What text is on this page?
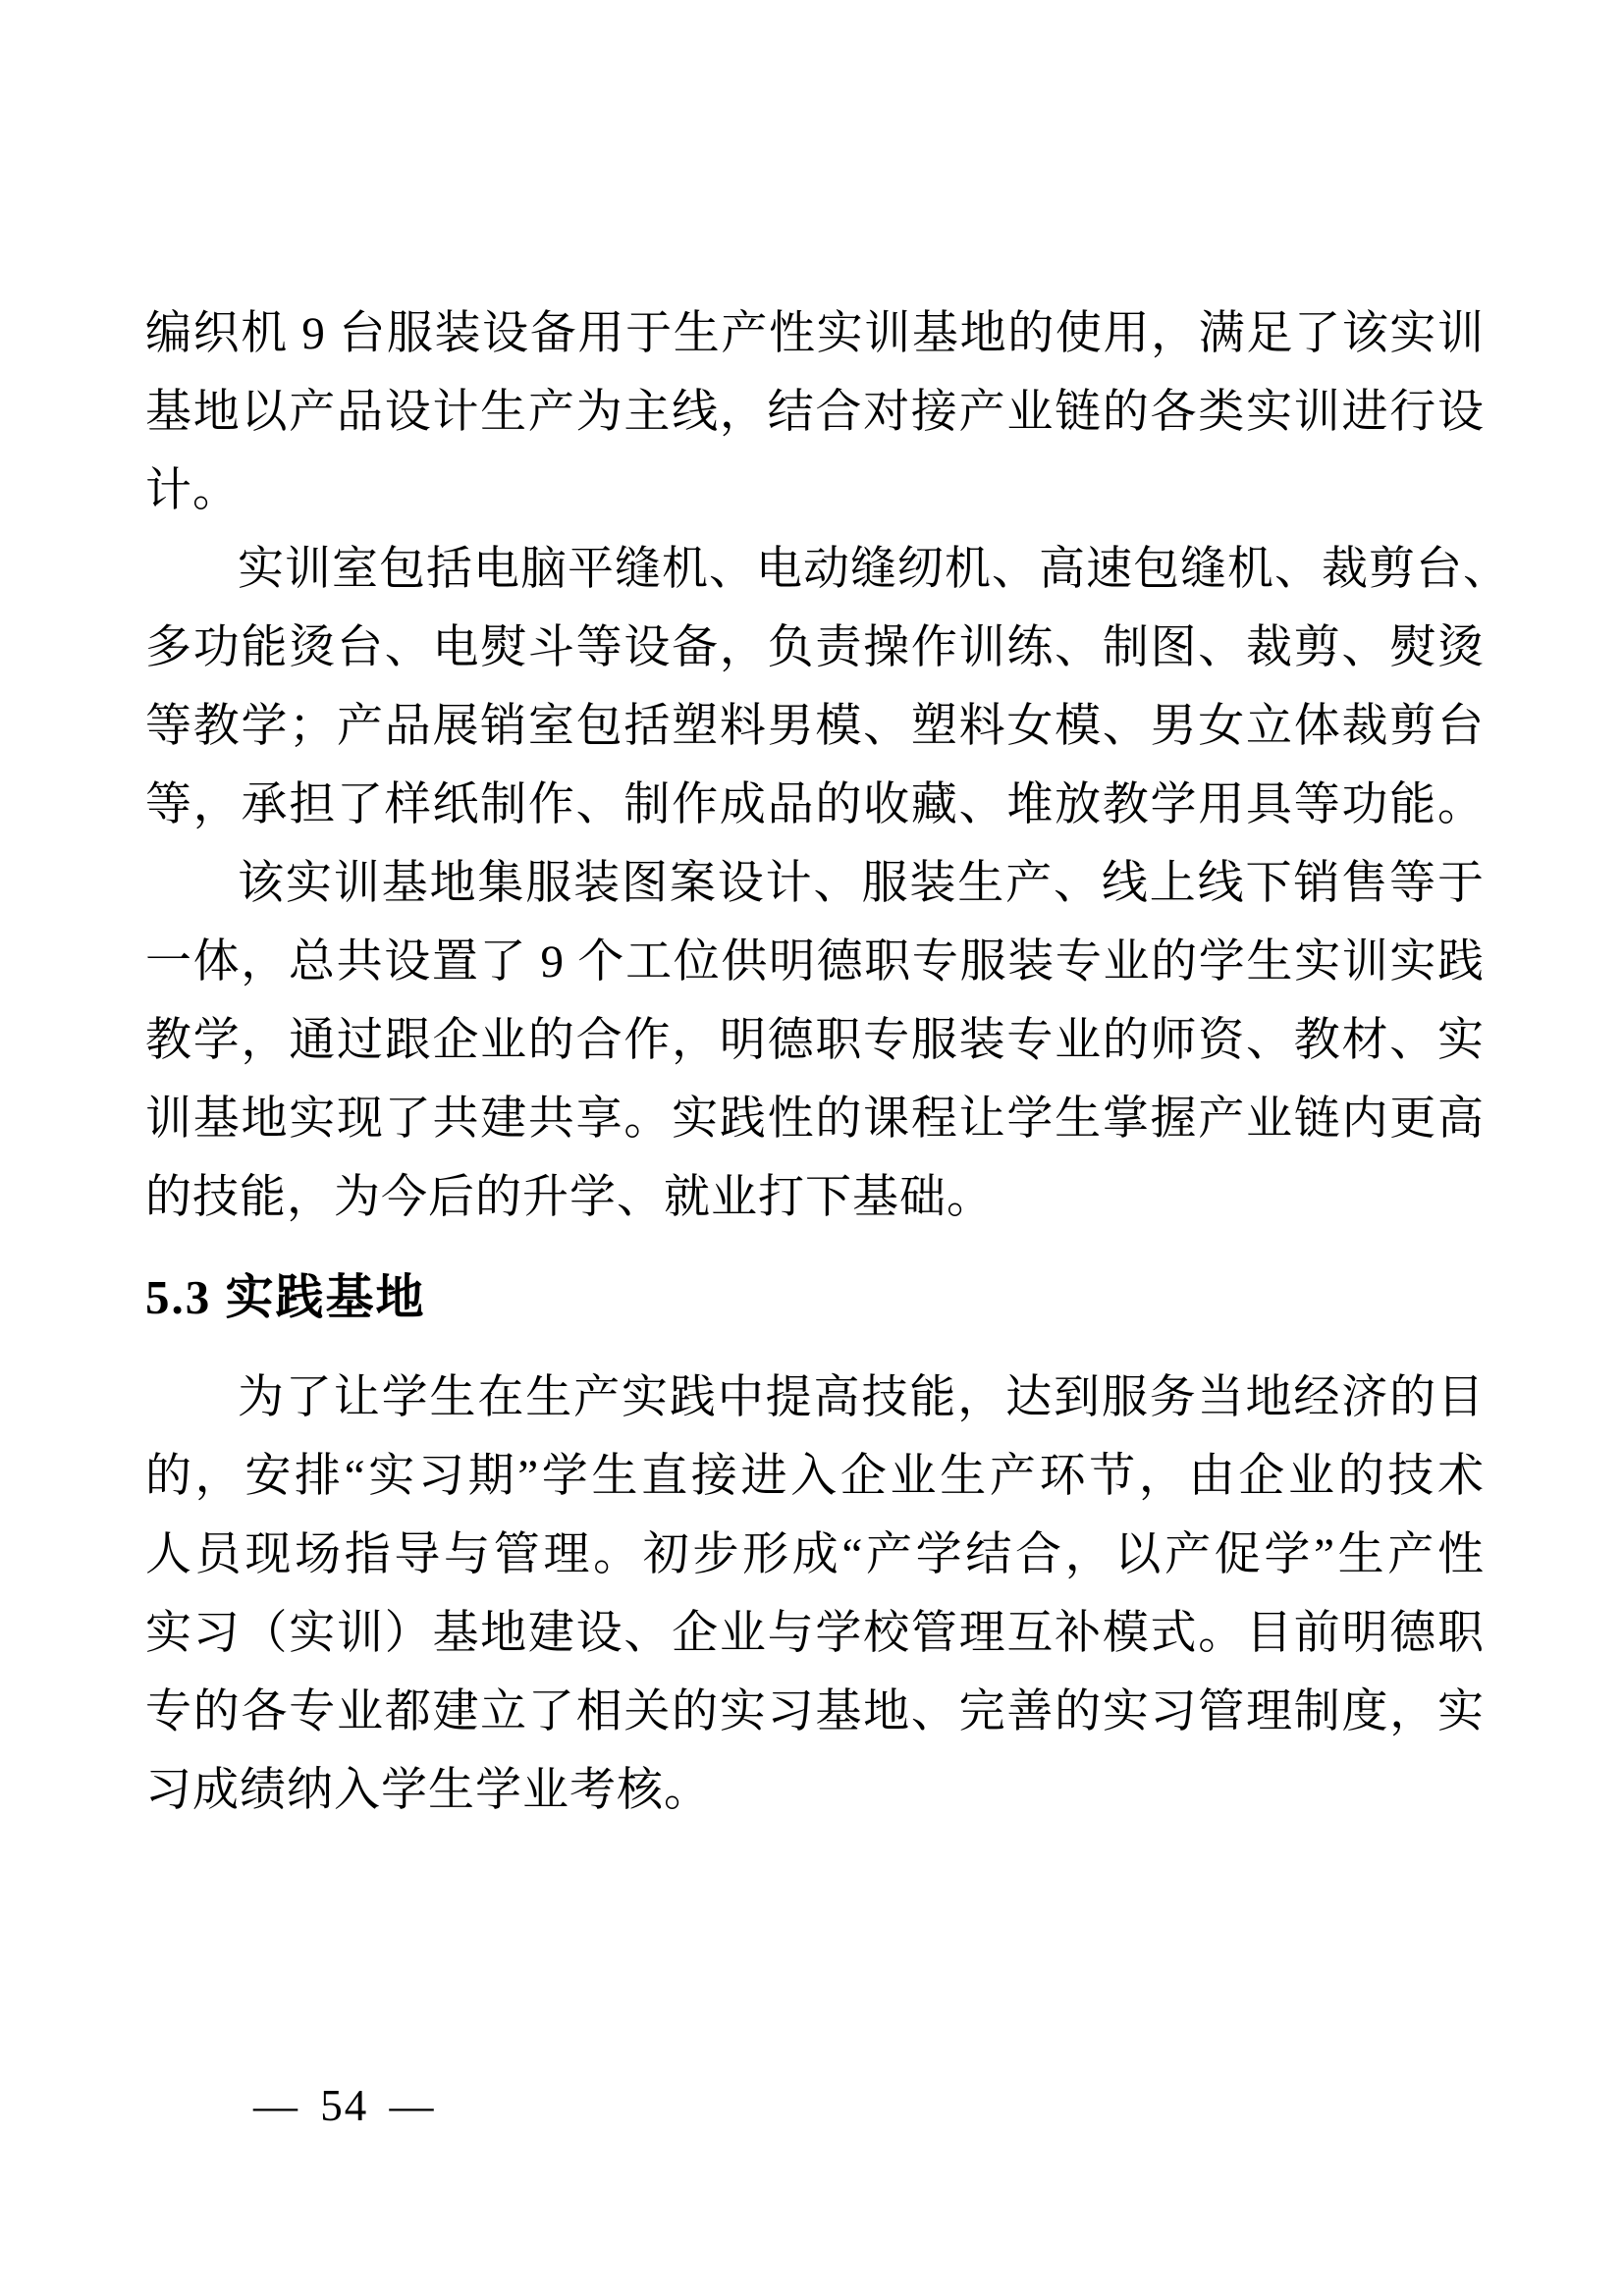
编织机 9 台服装设备用于生产性实训基地的使用，满足了该实训
基地以产品设计生产为主线，结合对接产业链的各类实训进行设
计。
实训室包括电脑平缝机、电动缝纫机、高速包缝机、裁剪台、
多功能烫台、电熨斗等设备，负责操作训练、制图、裁剪、熨烫
等教学；产品展销室包括塑料男模、塑料女模、男女立体裁剪台
等，承担了样纸制作、制作成品的收藏、堆放教学用具等功能。
该实训基地集服装图案设计、服装生产、线上线下销售等于
一体，总共设置了 9 个工位供明德职专服装专业的学生实训实践
教学，通过跟企业的合作，明德职专服装专业的师资、教材、实
训基地实现了共建共享。实践性的课程让学生掌握产业链内更高
的技能，为今后的升学、就业打下基础。
5.3 实践基地
为了让学生在生产实践中提高技能，达到服务当地经济的目
的，安排“实习期”学生直接进入企业生产环节，由企业的技术
人员现场指导与管理。初步形成“产学结合，以产促学”生产性
实习（实训）基地建设、企业与学校管理互补模式。目前明德职
专的各专业都建立了相关的实习基地、完善的实习管理制度，实
习成绩纳入学生学业考核。
— 54 —
